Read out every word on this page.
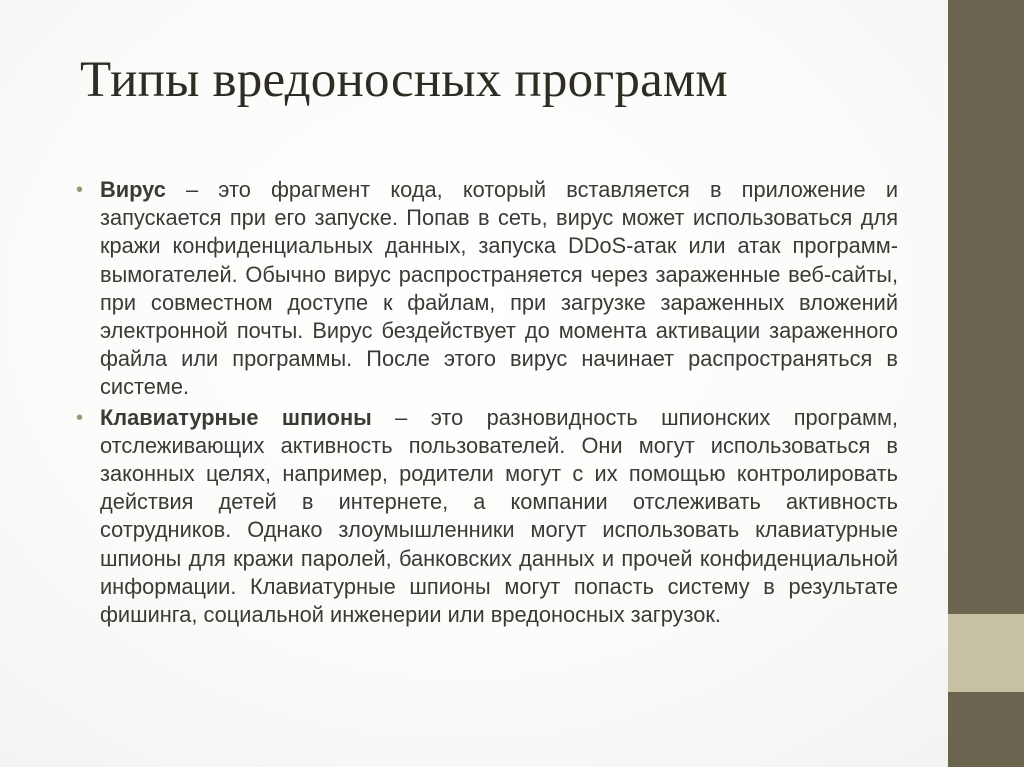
Типы вредоносных программ
• Вирус – это фрагмент кода, который вставляется в приложение и запускается при его запуске. Попав в сеть, вирус может использоваться для кражи конфиденциальных данных, запуска DDoS-атак или атак программ-вымогателей. Обычно вирус распространяется через зараженные веб-сайты, при совместном доступе к файлам, при загрузке зараженных вложений электронной почты. Вирус бездействует до момента активации зараженного файла или программы. После этого вирус начинает распространяться в системе.
• Клавиатурные шпионы – это разновидность шпионских программ, отслеживающих активность пользователей. Они могут использоваться в законных целях, например, родители могут с их помощью контролировать действия детей в интернете, а компании отслеживать активность сотрудников. Однако злоумышленники могут использовать клавиатурные шпионы для кражи паролей, банковских данных и прочей конфиденциальной информации. Клавиатурные шпионы могут попасть систему в результате фишинга, социальной инженерии или вредоносных загрузок.
